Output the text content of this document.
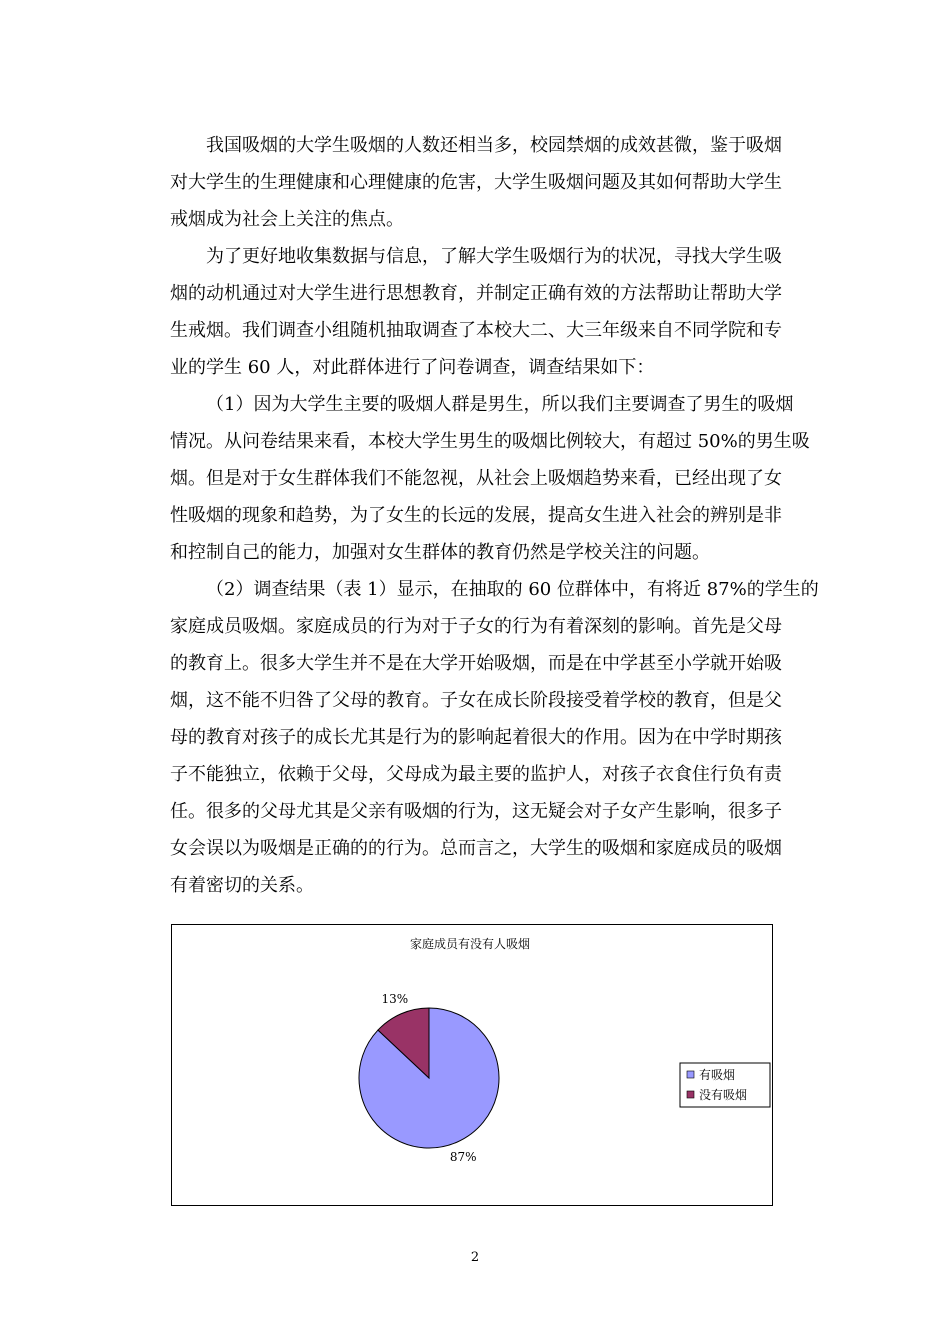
我国吸烟的大学生吸烟的人数还相当多，校园禁烟的成效甚微，鉴于吸烟
对大学生的生理健康和心理健康的危害，大学生吸烟问题及其如何帮助大学生
戒烟成为社会上关注的焦点。
为了更好地收集数据与信息，了解大学生吸烟行为的状况，寻找大学生吸
烟的动机通过对大学生进行思想教育，并制定正确有效的方法帮助让帮助大学
生戒烟。我们调查小组随机抽取调查了本校大二、大三年级来自不同学院和专
业的学生 60 人，对此群体进行了问卷调查，调查结果如下：
（1）因为大学生主要的吸烟人群是男生，所以我们主要调查了男生的吸烟
情况。从问卷结果来看，本校大学生男生的吸烟比例较大，有超过 50%的男生吸
烟。但是对于女生群体我们不能忽视，从社会上吸烟趋势来看，已经出现了女
性吸烟的现象和趋势，为了女生的长远的发展，提高女生进入社会的辨别是非
和控制自己的能力，加强对女生群体的教育仍然是学校关注的问题。
（2）调查结果（表 1）显示，在抽取的 60 位群体中，有将近 87%的学生的
家庭成员吸烟。家庭成员的行为对于子女的行为有着深刻的影响。首先是父母
的教育上。很多大学生并不是在大学开始吸烟，而是在中学甚至小学就开始吸
烟，这不能不归咎了父母的教育。子女在成长阶段接受着学校的教育，但是父
母的教育对孩子的成长尤其是行为的影响起着很大的作用。因为在中学时期孩
子不能独立，依赖于父母，父母成为最主要的监护人，对孩子衣食住行负有责
任。很多的父母尤其是父亲有吸烟的行为，这无疑会对子女产生影响，很多子
女会误以为吸烟是正确的的行为。总而言之，大学生的吸烟和家庭成员的吸烟
有着密切的关系。
家庭成员有没有人吸烟
87%
13%
有吸烟
没有吸烟
2
